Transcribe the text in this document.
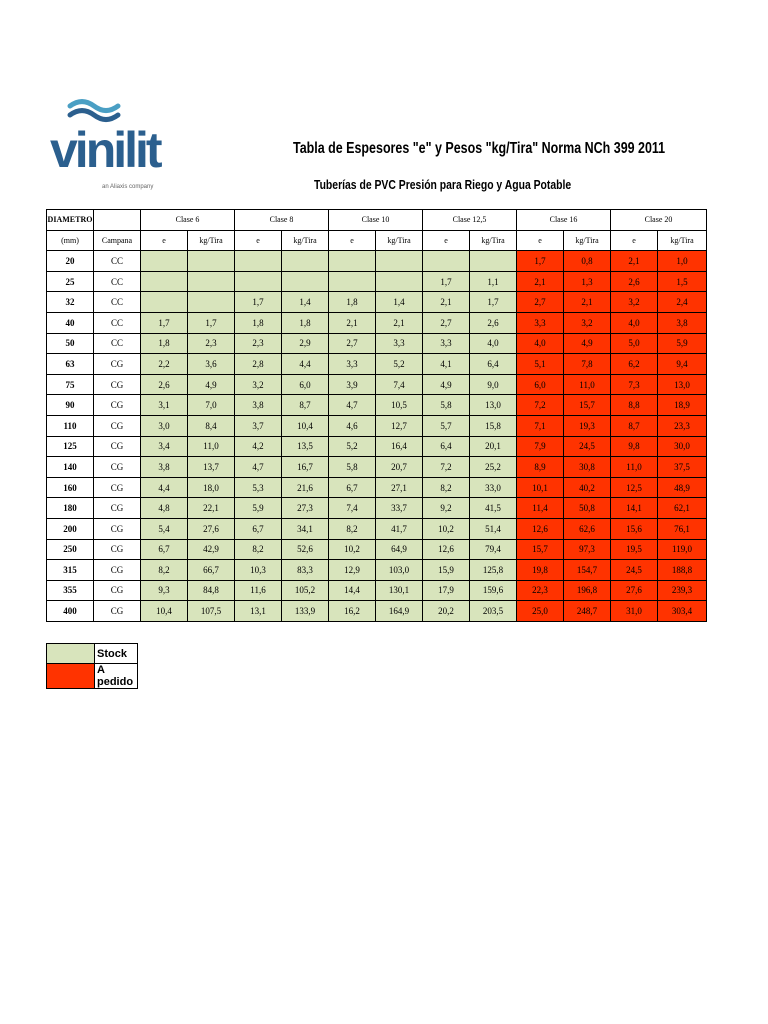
vinilit
an Aliaxis company
Tabla de Espesores "e" y Pesos "kg/Tira" Norma NCh 399 2011
Tuberías de PVC Presión para Riego y Agua Potable
DIAMETRO		Clase 6		Clase 8		Clase 10		Clase 12,5		Clase 16		Clase 20	
(mm)	Campana	e	kg/Tira	e	kg/Tira	e	kg/Tira	e	kg/Tira	e	kg/Tira	e	kg/Tira
20	CC									1,7	0,8	2,1	1,0
25	CC							1,7	1,1	2,1	1,3	2,6	1,5
32	CC			1,7	1,4	1,8	1,4	2,1	1,7	2,7	2,1	3,2	2,4
40	CC	1,7	1,7	1,8	1,8	2,1	2,1	2,7	2,6	3,3	3,2	4,0	3,8
50	CC	1,8	2,3	2,3	2,9	2,7	3,3	3,3	4,0	4,0	4,9	5,0	5,9
63	CG	2,2	3,6	2,8	4,4	3,3	5,2	4,1	6,4	5,1	7,8	6,2	9,4
75	CG	2,6	4,9	3,2	6,0	3,9	7,4	4,9	9,0	6,0	11,0	7,3	13,0
90	CG	3,1	7,0	3,8	8,7	4,7	10,5	5,8	13,0	7,2	15,7	8,8	18,9
110	CG	3,0	8,4	3,7	10,4	4,6	12,7	5,7	15,8	7,1	19,3	8,7	23,3
125	CG	3,4	11,0	4,2	13,5	5,2	16,4	6,4	20,1	7,9	24,5	9,8	30,0
140	CG	3,8	13,7	4,7	16,7	5,8	20,7	7,2	25,2	8,9	30,8	11,0	37,5
160	CG	4,4	18,0	5,3	21,6	6,7	27,1	8,2	33,0	10,1	40,2	12,5	48,9
180	CG	4,8	22,1	5,9	27,3	7,4	33,7	9,2	41,5	11,4	50,8	14,1	62,1
200	CG	5,4	27,6	6,7	34,1	8,2	41,7	10,2	51,4	12,6	62,6	15,6	76,1
250	CG	6,7	42,9	8,2	52,6	10,2	64,9	12,6	79,4	15,7	97,3	19,5	119,0
315	CG	8,2	66,7	10,3	83,3	12,9	103,0	15,9	125,8	19,8	154,7	24,5	188,8
355	CG	9,3	84,8	11,6	105,2	14,4	130,1	17,9	159,6	22,3	196,8	27,6	239,3
400	CG	10,4	107,5	13,1	133,9	16,2	164,9	20,2	203,5	25,0	248,7	31,0	303,4
	Stock
	A pedido
